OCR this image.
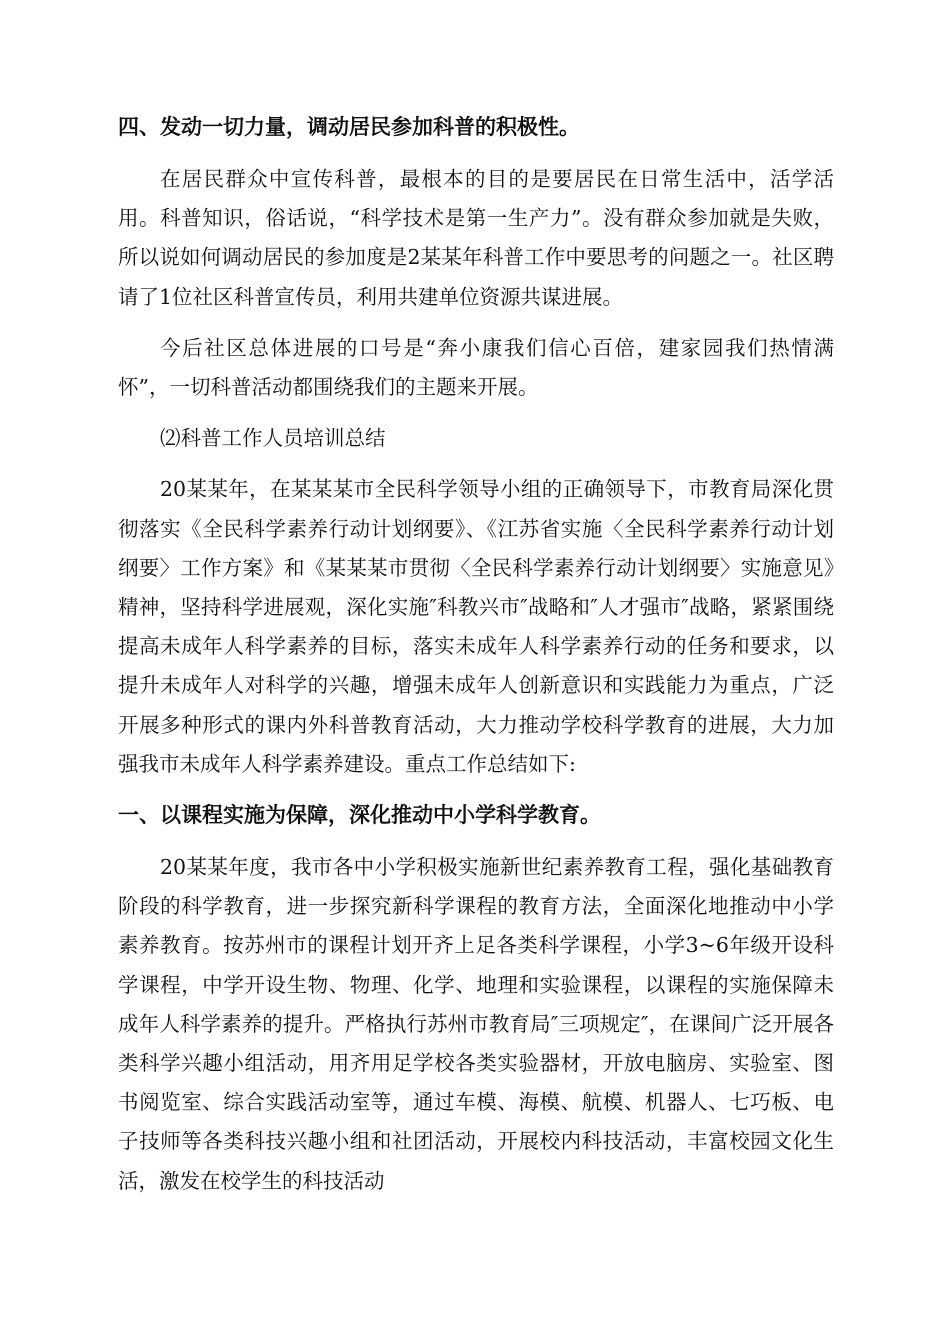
四、发动一切力量，调动居民参加科普的积极性。

在居民群众中宣传科普，最根本的目的是要居民在日常生活中，活学活用。科普知识，俗话说，“科学技术是第一生产力”。没有群众参加就是失败，所以说如何调动居民的参加度是2某某年科普工作中要思考的问题之一。社区聘请了1位社区科普宣传员，利用共建单位资源共谋进展。

今后社区总体进展的口号是“奔小康我们信心百倍，建家园我们热情满怀”，一切科普活动都围绕我们的主题来开展。

⑵科普工作人员培训总结

20某某年，在某某某市全民科学领导小组的正确领导下，市教育局深化贯彻落实《全民科学素养行动计划纲要》、《江苏省实施〈全民科学素养行动计划纲要〉工作方案》和《某某某市贯彻〈全民科学素养行动计划纲要〉实施意见》精神，坚持科学进展观，深化实施″科教兴市″战略和″人才强市″战略，紧紧围绕提高未成年人科学素养的目标，落实未成年人科学素养行动的任务和要求，以提升未成年人对科学的兴趣，增强未成年人创新意识和实践能力为重点，广泛开展多种形式的课内外科普教育活动，大力推动学校科学教育的进展，大力加强我市未成年人科学素养建设。重点工作总结如下:

一、以课程实施为保障，深化推动中小学科学教育。

20某某年度，我市各中小学积极实施新世纪素养教育工程，强化基础教育阶段的科学教育，进一步探究新科学课程的教育方法，全面深化地推动中小学素养教育。按苏州市的课程计划开齐上足各类科学课程，小学3~6年级开设科学课程，中学开设生物、物理、化学、地理和实验课程，以课程的实施保障未成年人科学素养的提升。严格执行苏州市教育局″三项规定″，在课间广泛开展各类科学兴趣小组活动，用齐用足学校各类实验器材，开放电脑房、实验室、图书阅览室、综合实践活动室等，通过车模、海模、航模、机器人、七巧板、电子技师等各类科技兴趣小组和社团活动，开展校内科技活动，丰富校园文化生活，激发在校学生的科技活动
